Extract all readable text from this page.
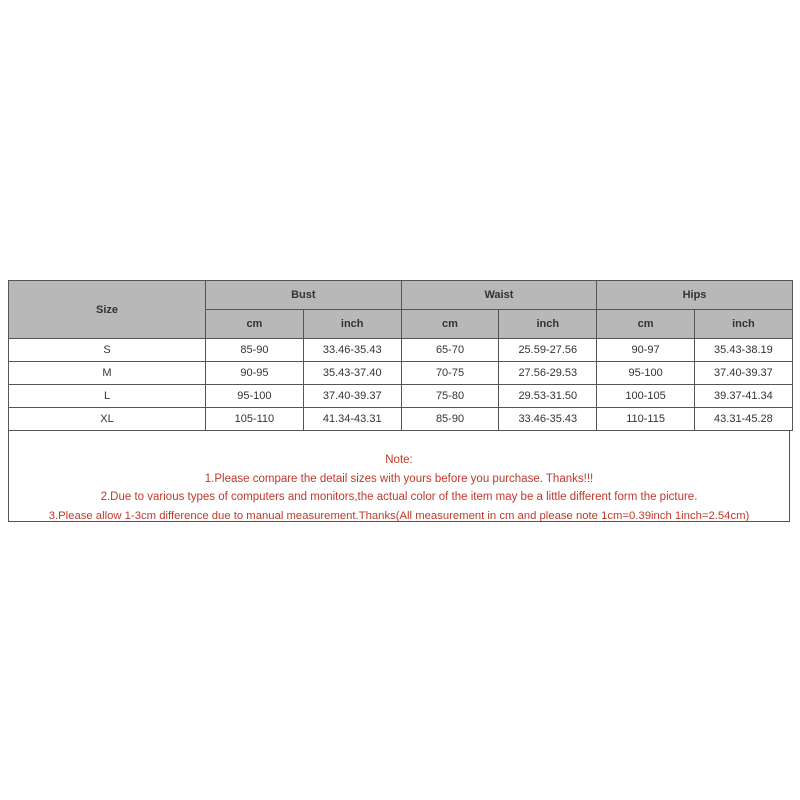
Size	Bust		Waist		Hips	
	cm	inch	cm	inch	cm	inch
S	85-90	33.46-35.43	65-70	25.59-27.56	90-97	35.43-38.19
M	90-95	35.43-37.40	70-75	27.56-29.53	95-100	37.40-39.37
L	95-100	37.40-39.37	75-80	29.53-31.50	100-105	39.37-41.34
XL	105-110	41.34-43.31	85-90	33.46-35.43	110-115	43.31-45.28
Note:
1.Please compare the detail sizes with yours before you purchase. Thanks!!!
2.Due to various types of computers and monitors,the actual color of the item may be a little different form the picture.
3.Please allow 1-3cm difference due to manual measurement.Thanks(All measurement in cm and please note 1cm=0.39inch 1inch=2.54cm)
